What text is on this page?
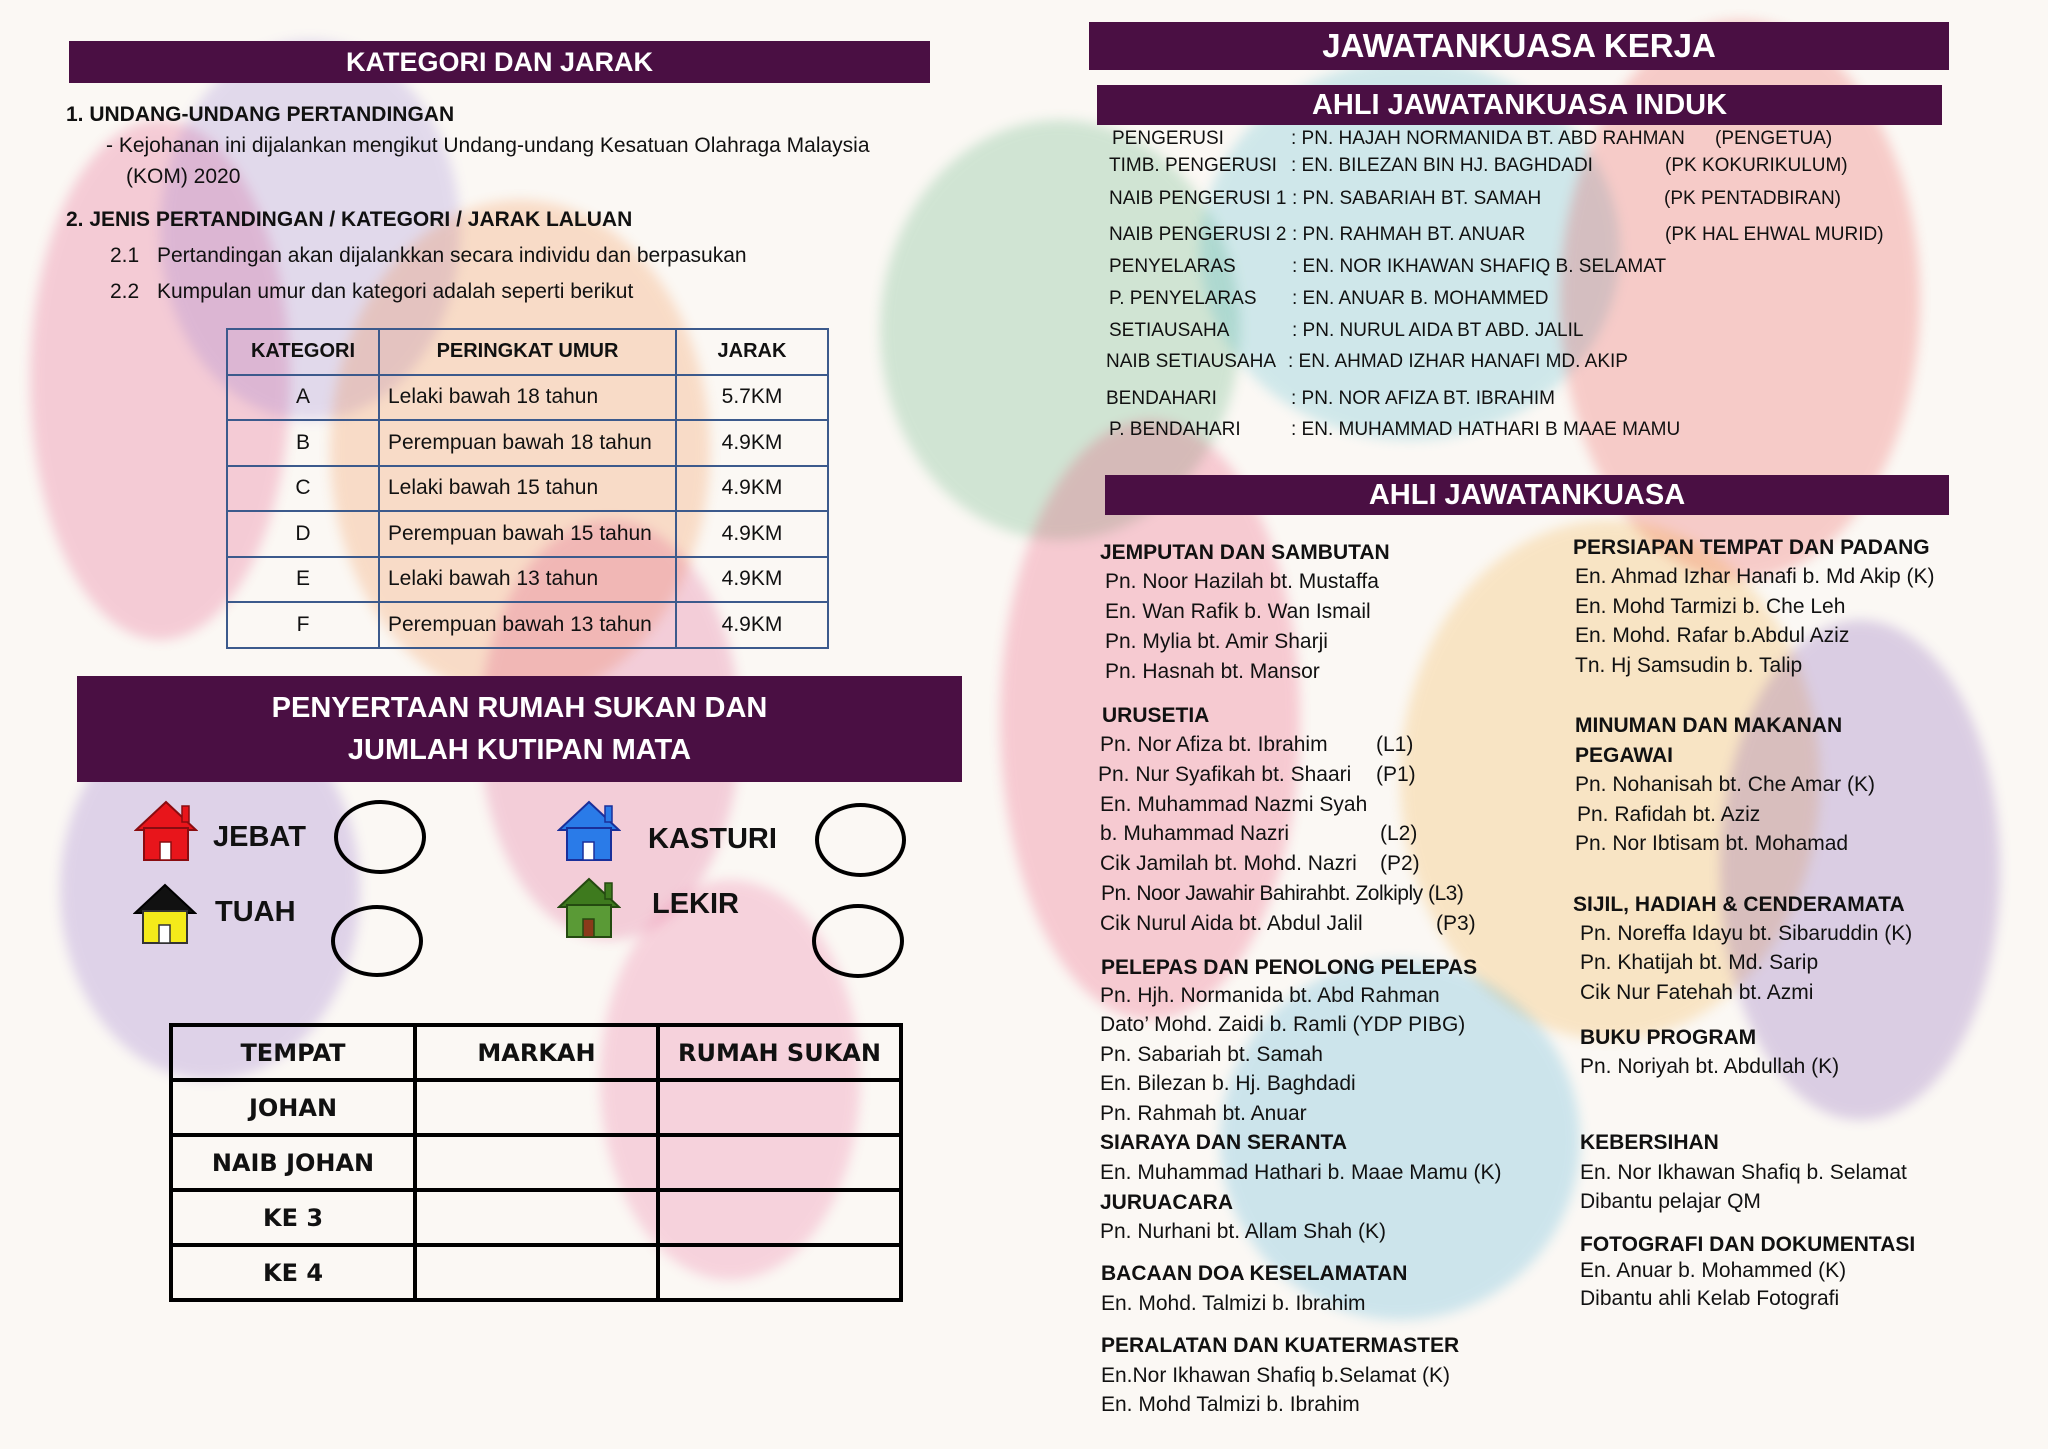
KATEGORI DAN JARAK
1. UNDANG-UNDANG PERTANDINGAN
- Kejohanan ini dijalankan mengikut Undang-undang Kesatuan Olahraga Malaysia
(KOM) 2020
2. JENIS PERTANDINGAN / KATEGORI / JARAK LALUAN
2.1 Pertandingan akan dijalankkan secara individu dan berpasukan
2.2 Kumpulan umur dan kategori adalah seperti berikut
KATEGORI	PERINGKAT UMUR	JARAK
A	Lelaki bawah 18 tahun	5.7KM
B	Perempuan bawah 18 tahun	4.9KM
C	Lelaki bawah 15 tahun	4.9KM
D	Perempuan bawah 15 tahun	4.9KM
E	Lelaki bawah 13 tahun	4.9KM
F	Perempuan bawah 13 tahun	4.9KM
PENYERTAAN RUMAH SUKAN DAN
JUMLAH KUTIPAN MATA
JEBAT	KASTURI
TUAH	LEKIR
TEMPAT	MARKAH	RUMAH SUKAN
JOHAN		
NAIB JOHAN		
KE 3		
KE 4		
JAWATANKUASA KERJA
AHLI JAWATANKUASA INDUK
PENGERUSI	: PN. HAJAH NORMANIDA BT. ABD RAHMAN (PENGETUA)
TIMB. PENGERUSI : EN. BILEZAN BIN HJ. BAGHDADI	(PK KOKURIKULUM)
NAIB PENGERUSI 1 : PN. SABARIAH BT. SAMAH	(PK PENTADBIRAN)
NAIB PENGERUSI 2 : PN. RAHMAH BT. ANUAR	(PK HAL EHWAL MURID)
PENYELARAS	: EN. NOR IKHAWAN SHAFIQ B. SELAMAT
P. PENYELARAS : EN. ANUAR B. MOHAMMED
SETIAUSAHA	: PN. NURUL AIDA BT ABD. JALIL
NAIB SETIAUSAHA : EN. AHMAD IZHAR HANAFI MD. AKIP
BENDAHARI	: PN. NOR AFIZA BT. IBRAHIM
P. BENDAHARI	: EN. MUHAMMAD HATHARI B MAAE MAMU
AHLI JAWATANKUASA
JEMPUTAN DAN SAMBUTAN
Pn. Noor Hazilah bt. Mustaffa
En. Wan Rafik b. Wan Ismail
Pn. Mylia bt. Amir Sharji
Pn. Hasnah bt. Mansor
URUSETIA
Pn. Nor Afiza bt. Ibrahim (L1)
Pn. Nur Syafikah bt. Shaari (P1)
En. Muhammad Nazmi Syah
b. Muhammad Nazri	(L2)
Cik Jamilah bt. Mohd. Nazri (P2)
Pn. Noor Jawahir Bahirahbt. Zolkiply (L3)
Cik Nurul Aida bt. Abdul Jalil	(P3)
PELEPAS DAN PENOLONG PELEPAS
Pn. Hjh. Normanida bt. Abd Rahman
Dato’ Mohd. Zaidi b. Ramli (YDP PIBG)
Pn. Sabariah bt. Samah
En. Bilezan b. Hj. Baghdadi
Pn. Rahmah bt. Anuar
SIARAYA DAN SERANTA
En. Muhammad Hathari b. Maae Mamu (K)
JURUACARA
Pn. Nurhani bt. Allam Shah (K)
BACAAN DOA KESELAMATAN
En. Mohd. Talmizi b. Ibrahim
PERALATAN DAN KUATERMASTER
En.Nor Ikhawan Shafiq b.Selamat (K)
En. Mohd Talmizi b. Ibrahim
PERSIAPAN TEMPAT DAN PADANG
En. Ahmad Izhar Hanafi b. Md Akip (K)
En. Mohd Tarmizi b. Che Leh
En. Mohd. Rafar b.Abdul Aziz
Tn. Hj Samsudin b. Talip
MINUMAN DAN MAKANAN
PEGAWAI
Pn. Nohanisah bt. Che Amar (K)
Pn. Rafidah bt. Aziz
Pn. Nor Ibtisam bt. Mohamad
SIJIL, HADIAH & CENDERAMATA
Pn. Noreffa Idayu bt. Sibaruddin (K)
Pn. Khatijah bt. Md. Sarip
Cik Nur Fatehah bt. Azmi
BUKU PROGRAM
Pn. Noriyah bt. Abdullah (K)
KEBERSIHAN
En. Nor Ikhawan Shafiq b. Selamat
Dibantu pelajar QM
FOTOGRAFI DAN DOKUMENTASI
En. Anuar b. Mohammed (K)
Dibantu ahli Kelab Fotografi
